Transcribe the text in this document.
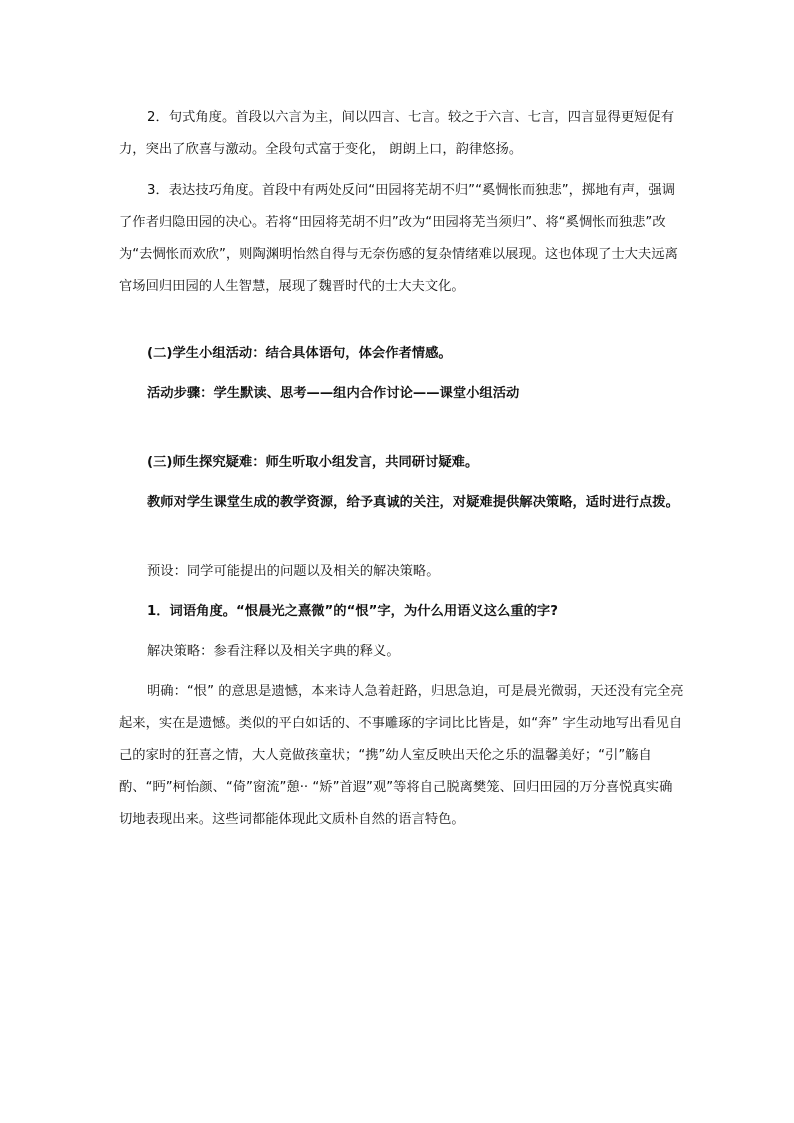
2．句式角度。首段以六言为主，间以四言、七言。较之于六言、七言，四言显得更短促有力，突出了欣喜与激动。全段句式富于变化， 朗朗上口，韵律悠扬。

3．表达技巧角度。首段中有两处反问“田园将芜胡不归”“奚惆怅而独悲”，掷地有声，强调了作者归隐田园的决心。若将“田园将芜胡不归”改为“田园将芜当须归”、将“奚惆怅而独悲”改为“去惆怅而欢欣”，则陶渊明怡然自得与无奈伤感的复杂情绪难以展现。这也体现了士大夫远离官场回归田园的人生智慧，展现了魏晋时代的士大夫文化。

(二)学生小组活动：结合具体语句，体会作者情感。

活动步骤：学生默读、思考——组内合作讨论——课堂小组活动

(三)师生探究疑难：师生听取小组发言，共同研讨疑难。

教师对学生课堂生成的教学资源，给予真诚的关注，对疑难提供解决策略，适时进行点拨。

预设：同学可能提出的问题以及相关的解决策略。

1．词语角度。“恨晨光之熹微”的“恨”字，为什么用语义这么重的字?

解决策略：参看注释以及相关字典的释义。

明确：“恨” 的意思是遗憾，本来诗人急着赶路，归思急迫，可是晨光微弱，天还没有完全亮起来，实在是遗憾。类似的平白如话的、不事雕琢的字词比比皆是，如“奔” 字生动地写出看见自己的家时的狂喜之情，大人竟做孩童状；“携”幼人室反映出天伦之乐的温馨美好；“引”觞自酌、“眄”柯怡颜、“倚”窗流”憩·· “矫”首遐”观”等将自己脱离樊笼、回归田园的万分喜悦真实确切地表现出来。这些词都能体现此文质朴自然的语言特色。
